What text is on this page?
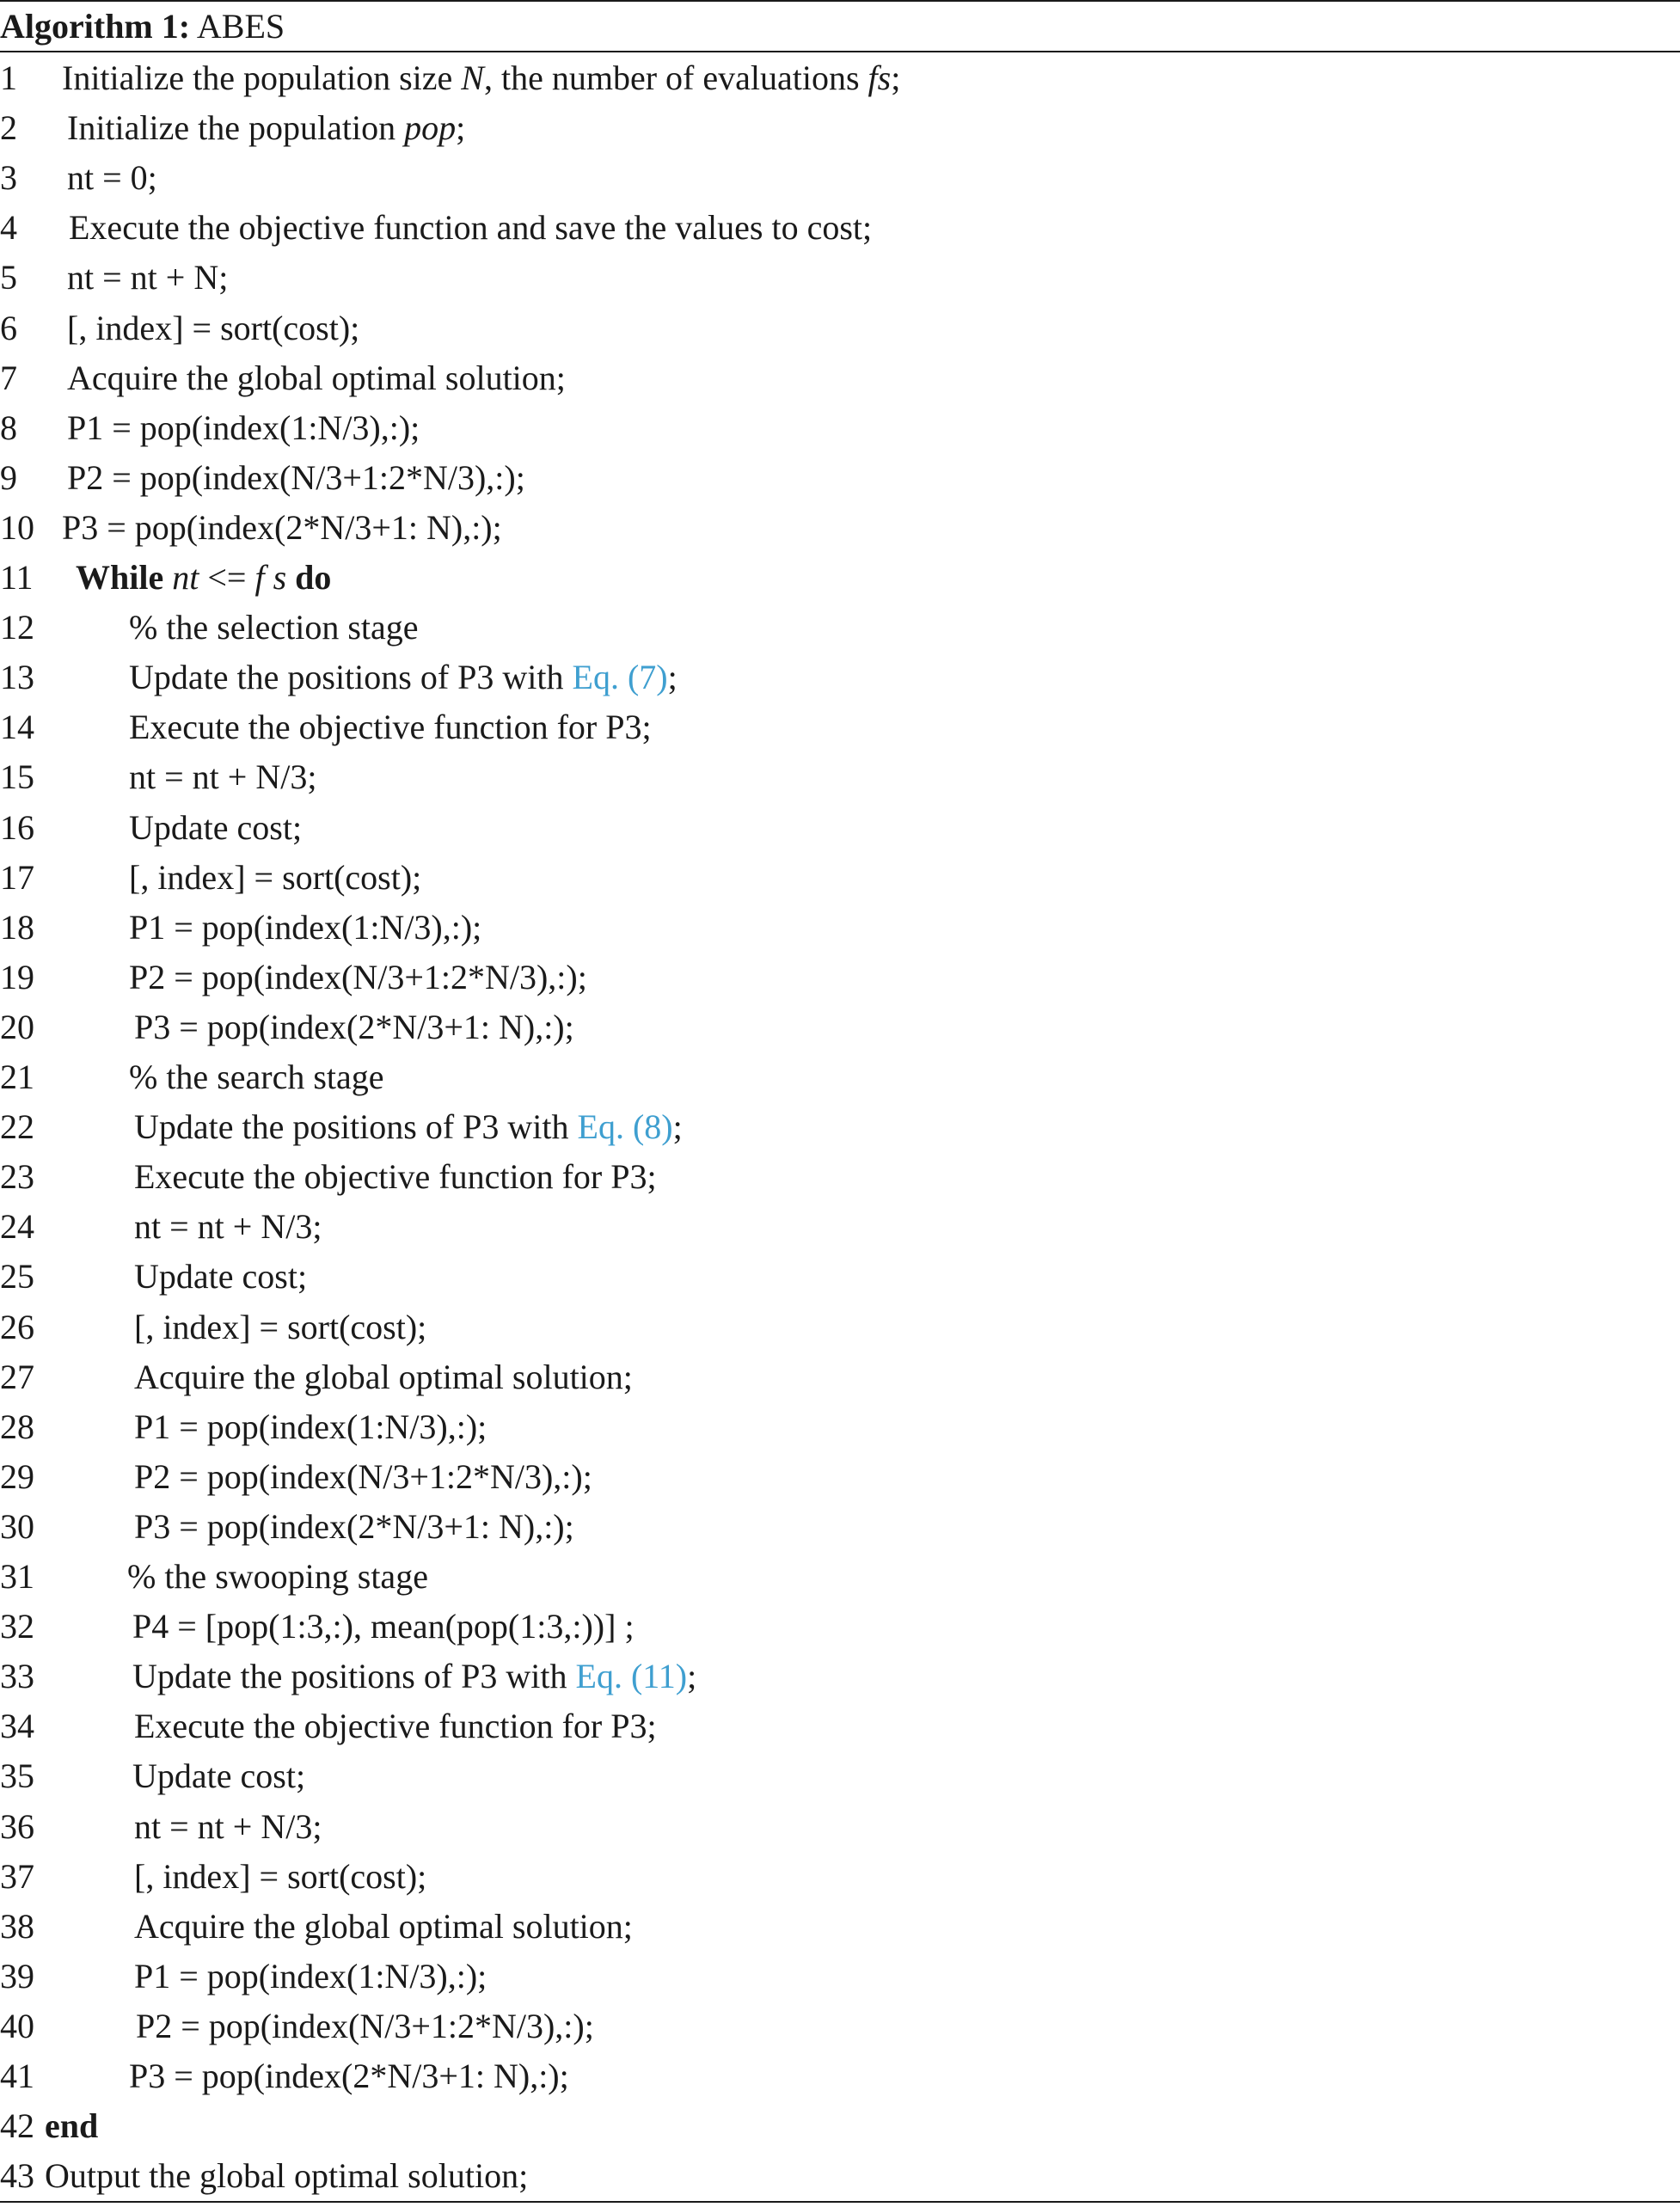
Algorithm 1: ABES
1 Initialize the population size N, the number of evaluations fs;
2 Initialize the population pop;
3 nt = 0;
4 Execute the objective function and save the values to cost;
5 nt = nt + N;
6 [, index] = sort(cost);
7 Acquire the global optimal solution;
8 P1 = pop(index(1:N/3),:);
9 P2 = pop(index(N/3+1:2*N/3),:);
10 P3 = pop(index(2*N/3+1: N),:);
11 While nt <= f s do
12	% the selection stage
13	Update the positions of P3 with Eq. (7);
14	Execute the objective function for P3;
15	nt = nt + N/3;
16	Update cost;
17	[, index] = sort(cost);
18	P1 = pop(index(1:N/3),:);
19	P2 = pop(index(N/3+1:2*N/3),:);
20	P3 = pop(index(2*N/3+1: N),:);
21	% the search stage
22	Update the positions of P3 with Eq. (8);
23	Execute the objective function for P3;
24	nt = nt + N/3;
25	Update cost;
26	[, index] = sort(cost);
27	Acquire the global optimal solution;
28	P1 = pop(index(1:N/3),:);
29	P2 = pop(index(N/3+1:2*N/3),:);
30	P3 = pop(index(2*N/3+1: N),:);
31	% the swooping stage
32	P4 = [pop(1:3,:), mean(pop(1:3,:))] ;
33	Update the positions of P3 with Eq. (11);
34	Execute the objective function for P3;
35	Update cost;
36	nt = nt + N/3;
37	[, index] = sort(cost);
38	Acquire the global optimal solution;
39	P1 = pop(index(1:N/3),:);
40	P2 = pop(index(N/3+1:2*N/3),:);
41	P3 = pop(index(2*N/3+1: N),:);
42 end
43 Output the global optimal solution;
